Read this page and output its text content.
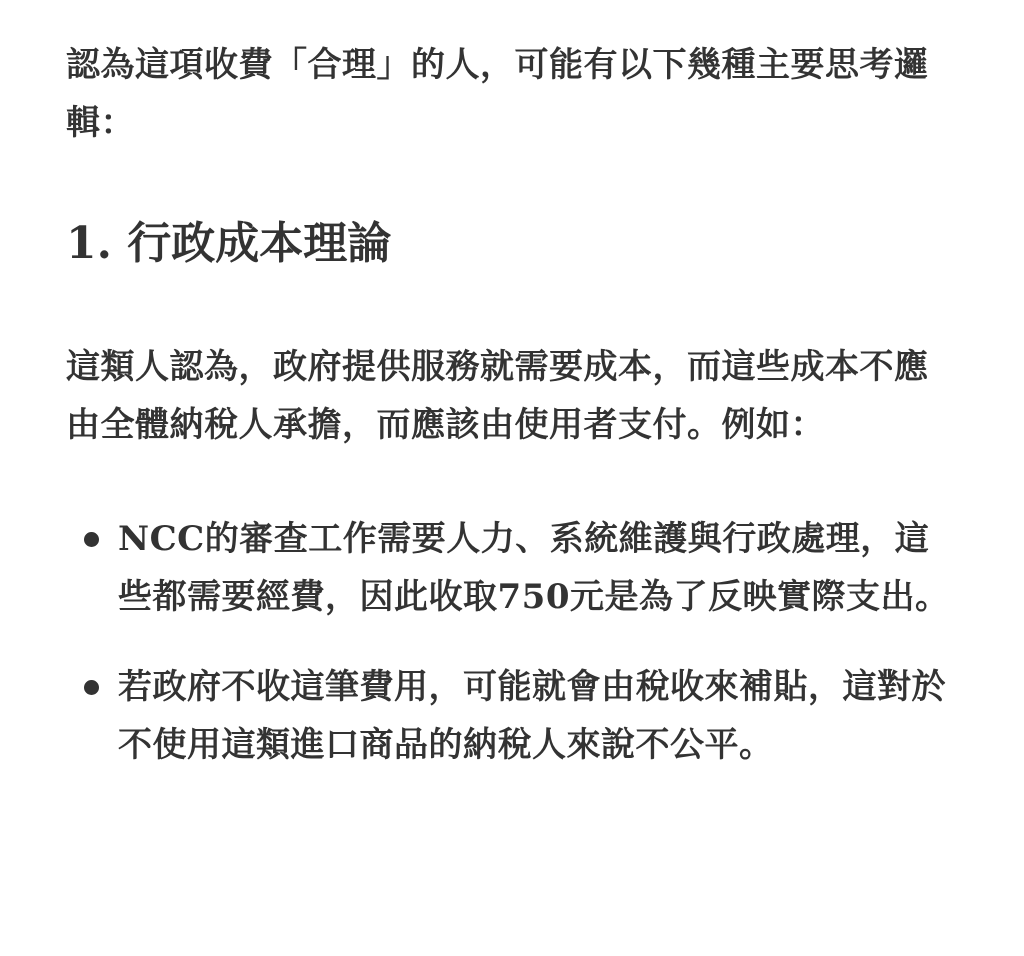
認為這項收費「合理」的人，可能有以下幾種主要思考邏輯：

1. 行政成本理論

這類人認為，政府提供服務就需要成本，而這些成本不應由全體納稅人承擔，而應該由使用者支付。例如：

NCC的審查工作需要人力、系統維護與行政處理，這些都需要經費，因此收取750元是為了反映實際支出。
若政府不收這筆費用，可能就會由稅收來補貼，這對於不使用這類進口商品的納稅人來說不公平。
